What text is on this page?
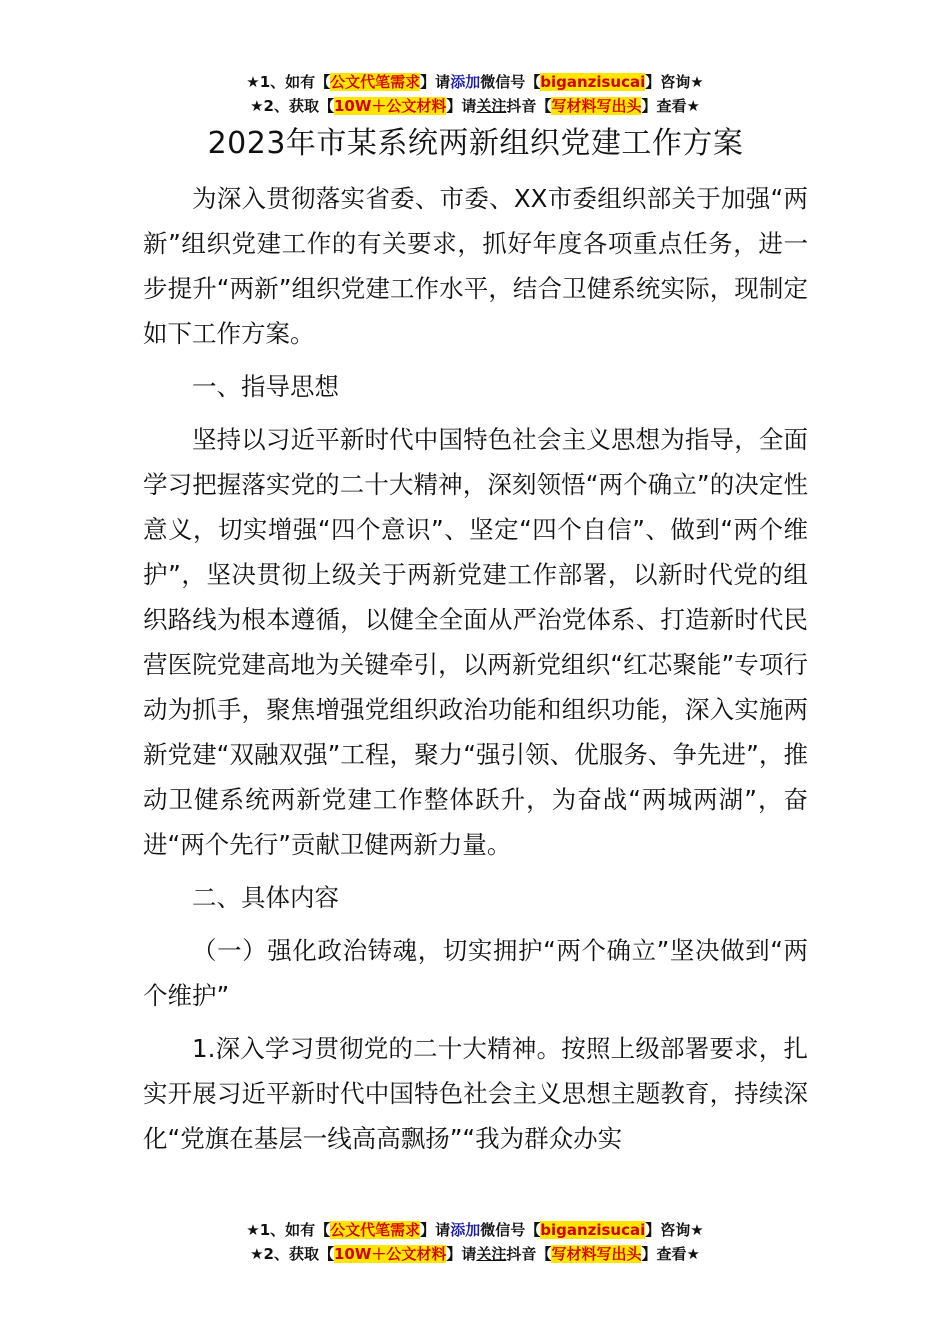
★1、如有【公文代笔需求】请添加微信号【biganzisucai】咨询★
★2、获取【10W＋公文材料】请关注抖音【写材料写出头】查看★
2023年市某系统两新组织党建工作方案

为深入贯彻落实省委、市委、XX市委组织部关于加强“两新”组织党建工作的有关要求，抓好年度各项重点任务，进一步提升“两新”组织党建工作水平，结合卫健系统实际，现制定如下工作方案。

一、指导思想

坚持以习近平新时代中国特色社会主义思想为指导，全面学习把握落实党的二十大精神，深刻领悟“两个确立”的决定性意义，切实增强“四个意识”、坚定“四个自信”、做到“两个维护”，坚决贯彻上级关于两新党建工作部署，以新时代党的组织路线为根本遵循，以健全全面从严治党体系、打造新时代民营医院党建高地为关键牵引，以两新党组织“红芯聚能”专项行动为抓手，聚焦增强党组织政治功能和组织功能，深入实施两新党建“双融双强”工程，聚力“强引领、优服务、争先进”，推动卫健系统两新党建工作整体跃升，为奋战“两城两湖”，奋进“两个先行”贡献卫健两新力量。

二、具体内容

（一）强化政治铸魂，切实拥护“两个确立”坚决做到“两个维护”

1.深入学习贯彻党的二十大精神。按照上级部署要求，扎实开展习近平新时代中国特色社会主义思想主题教育，持续深化“党旗在基层一线高高飘扬”“我为群众办实

★1、如有【公文代笔需求】请添加微信号【biganzisucai】咨询★
★2、获取【10W＋公文材料】请关注抖音【写材料写出头】查看★
